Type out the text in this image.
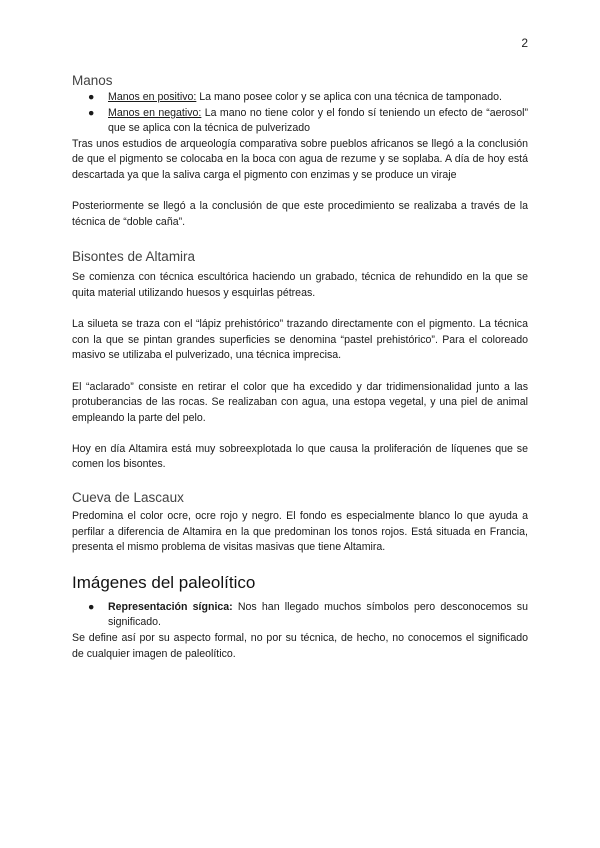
2
Manos
● Manos en positivo: La mano posee color y se aplica con una técnica de tamponado.
● Manos en negativo: La mano no tiene color y el fondo sí teniendo un efecto de “aerosol” que se aplica con la técnica de pulverizado

Tras unos estudios de arqueología comparativa sobre pueblos africanos se llegó a la conclusión de que el pigmento se colocaba en la boca con agua de rezume y se soplaba. A día de hoy está descartada ya que la saliva carga el pigmento con enzimas y se produce un viraje

Posteriormente se llegó a la conclusión de que este procedimiento se realizaba a través de la técnica de “doble caña”.

Bisontes de Altamira

Se comienza con técnica escultórica haciendo un grabado, técnica de rehundido en la que se quita material utilizando huesos y esquirlas pétreas.

La silueta se traza con el “lápiz prehistórico” trazando directamente con el pigmento. La técnica con la que se pintan grandes superficies se denomina “pastel prehistórico”. Para el coloreado masivo se utilizaba el pulverizado, una técnica imprecisa.

El “aclarado” consiste en retirar el color que ha excedido y dar tridimensionalidad junto a las protuberancias de las rocas. Se realizaban con agua, una estopa vegetal, y una piel de animal empleando la parte del pelo.

Hoy en día Altamira está muy sobreexplotada lo que causa la proliferación de líquenes que se comen los bisontes.

Cueva de Lascaux

Predomina el color ocre, ocre rojo y negro. El fondo es especialmente blanco lo que ayuda a perfilar a diferencia de Altamira en la que predominan los tonos rojos. Está situada en Francia, presenta el mismo problema de visitas masivas que tiene Altamira.

Imágenes del paleolítico
● Representación sígnica: Nos han llegado muchos símbolos pero desconocemos su significado.

Se define así por su aspecto formal, no por su técnica, de hecho, no conocemos el significado de cualquier imagen de paleolítico.
